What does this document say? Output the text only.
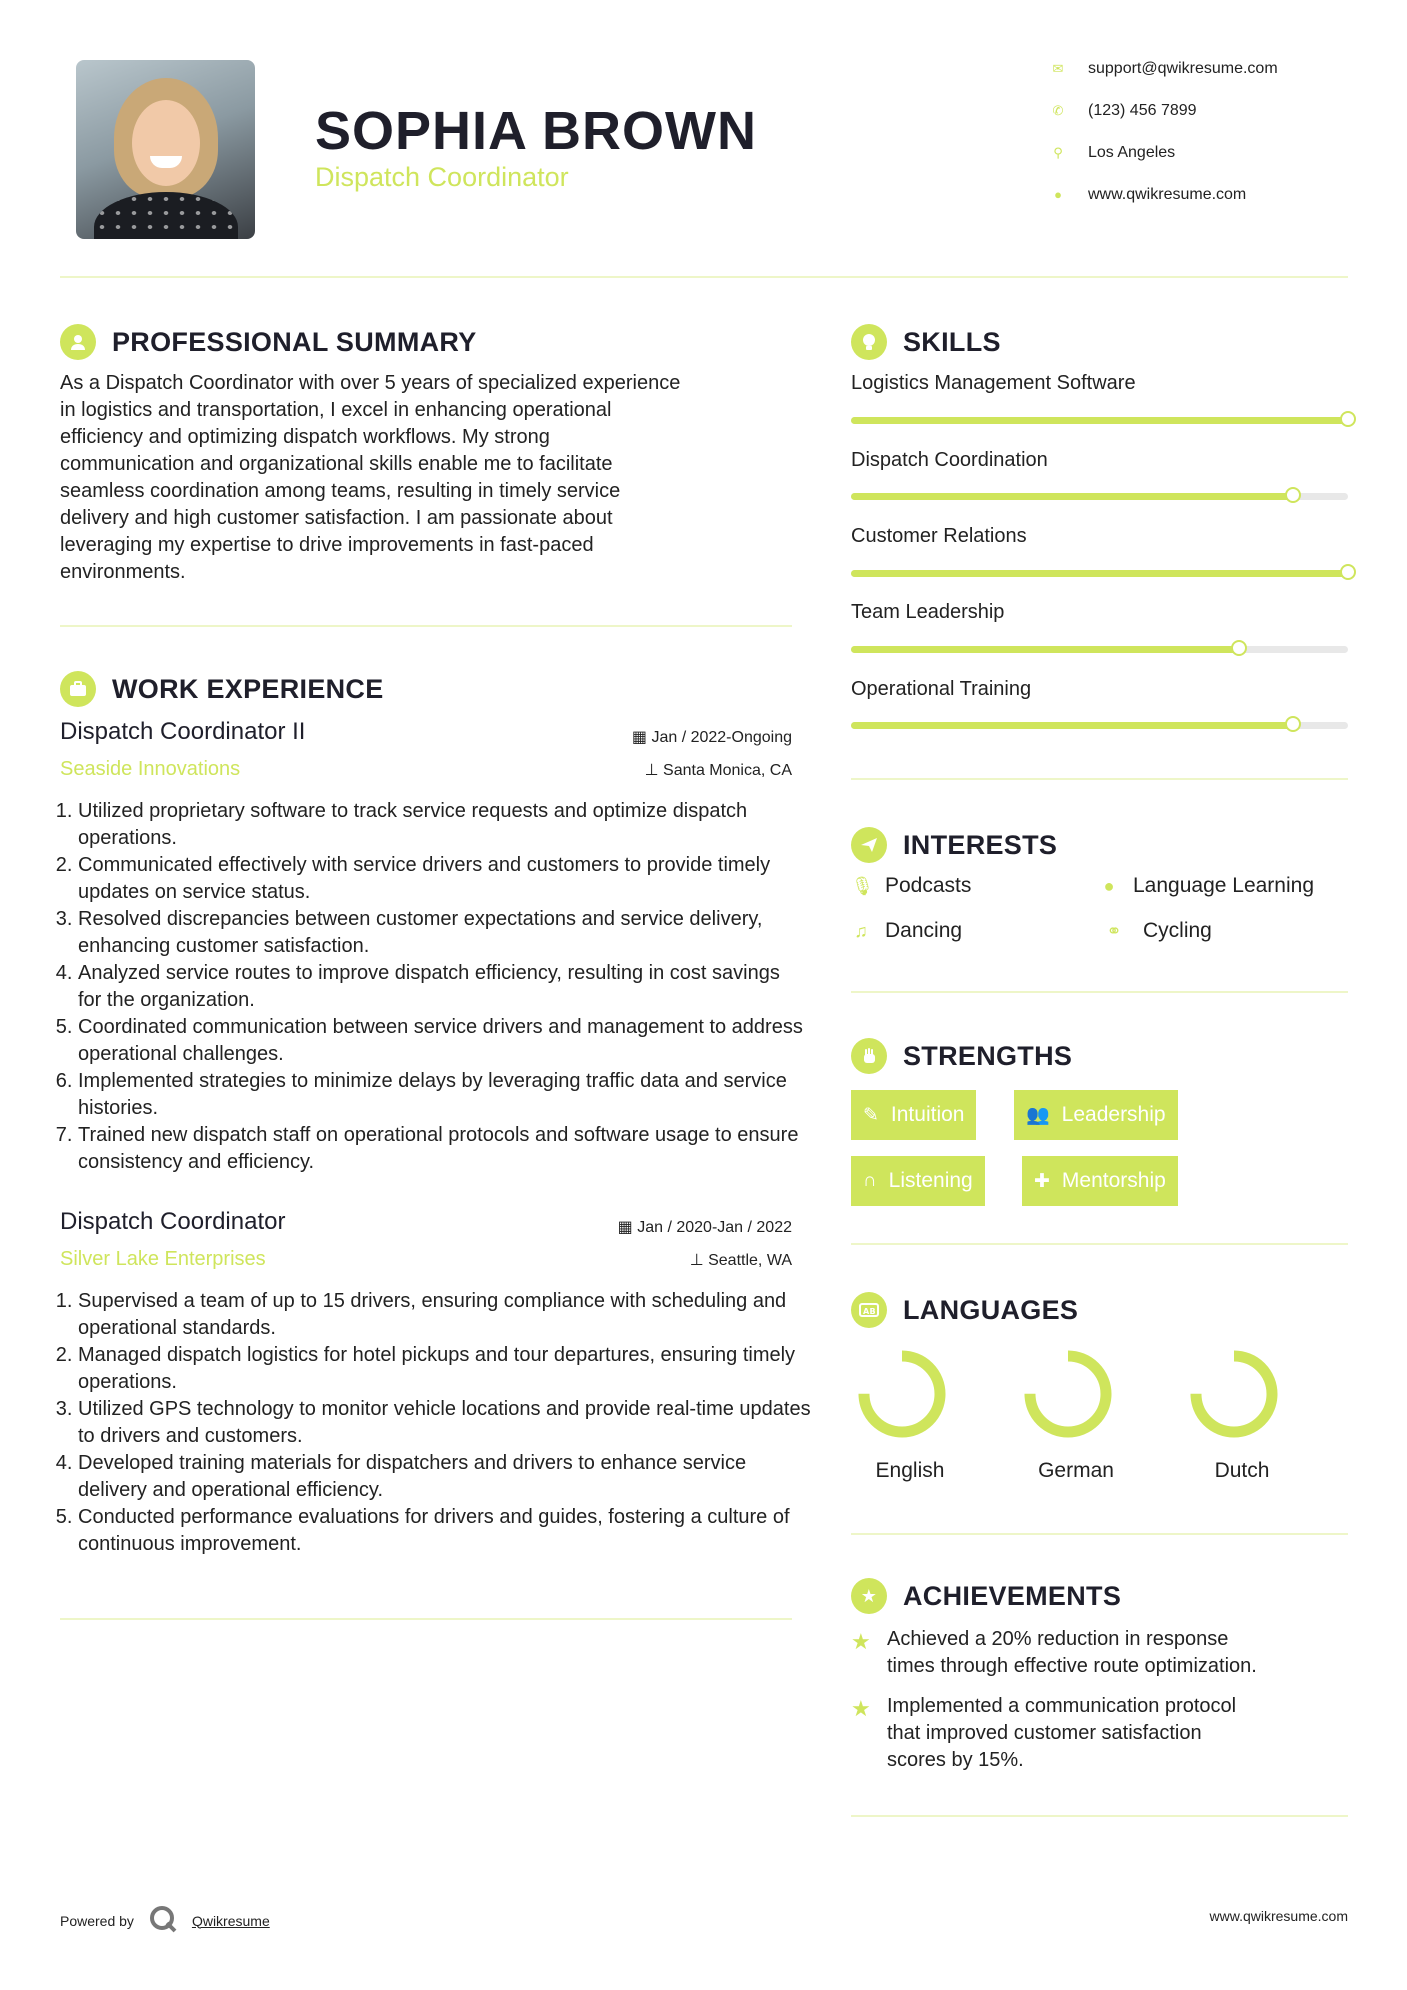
SOPHIA BROWN
Dispatch Coordinator
✉ support@qwikresume.com
✆ (123) 456 7899
⚲ Los Angeles
● www.qwikresume.com
PROFESSIONAL SUMMARY
As a Dispatch Coordinator with over 5 years of specialized experience
in logistics and transportation, I excel in enhancing operational
efficiency and optimizing dispatch workflows. My strong
communication and organizational skills enable me to facilitate
seamless coordination among teams, resulting in timely service
delivery and high customer satisfaction. I am passionate about
leveraging my expertise to drive improvements in fast-paced
environments.
WORK EXPERIENCE
Dispatch Coordinator II	▦ Jan / 2022-Ongoing
Seaside Innovations	⊥ Santa Monica, CA
1. Utilized proprietary software to track service requests and optimize dispatch operations.
2. Communicated effectively with service drivers and customers to provide timely updates on service status.
3. Resolved discrepancies between customer expectations and service delivery, enhancing customer satisfaction.
4. Analyzed service routes to improve dispatch efficiency, resulting in cost savings for the organization.
5. Coordinated communication between service drivers and management to address operational challenges.
6. Implemented strategies to minimize delays by leveraging traffic data and service histories.
7. Trained new dispatch staff on operational protocols and software usage to ensure consistency and efficiency.
Dispatch Coordinator	▦ Jan / 2020-Jan / 2022
Silver Lake Enterprises	⊥ Seattle, WA
1. Supervised a team of up to 15 drivers, ensuring compliance with scheduling and operational standards.
2. Managed dispatch logistics for hotel pickups and tour departures, ensuring timely operations.
3. Utilized GPS technology to monitor vehicle locations and provide real-time updates to drivers and customers.
4. Developed training materials for dispatchers and drivers to enhance service delivery and operational efficiency.
5. Conducted performance evaluations for drivers and guides, fostering a culture of continuous improvement.
SKILLS
Logistics Management Software
Dispatch Coordination
Customer Relations
Team Leadership
Operational Training
INTERESTS
🎙 Podcasts	● Language Learning
♫ Dancing	⚭	Cycling
STRENGTHS
✎ Intuition	👥 Leadership
∩ Listening	✚ Mentorship
AB LANGUAGES
English	German	Dutch
★ ACHIEVEMENTS
★ Achieved a 20% reduction in response
times through effective route optimization.
★ Implemented a communication protocol
that improved customer satisfaction
scores by 15%.
Powered by	Qwikresume	www.qwikresume.com
